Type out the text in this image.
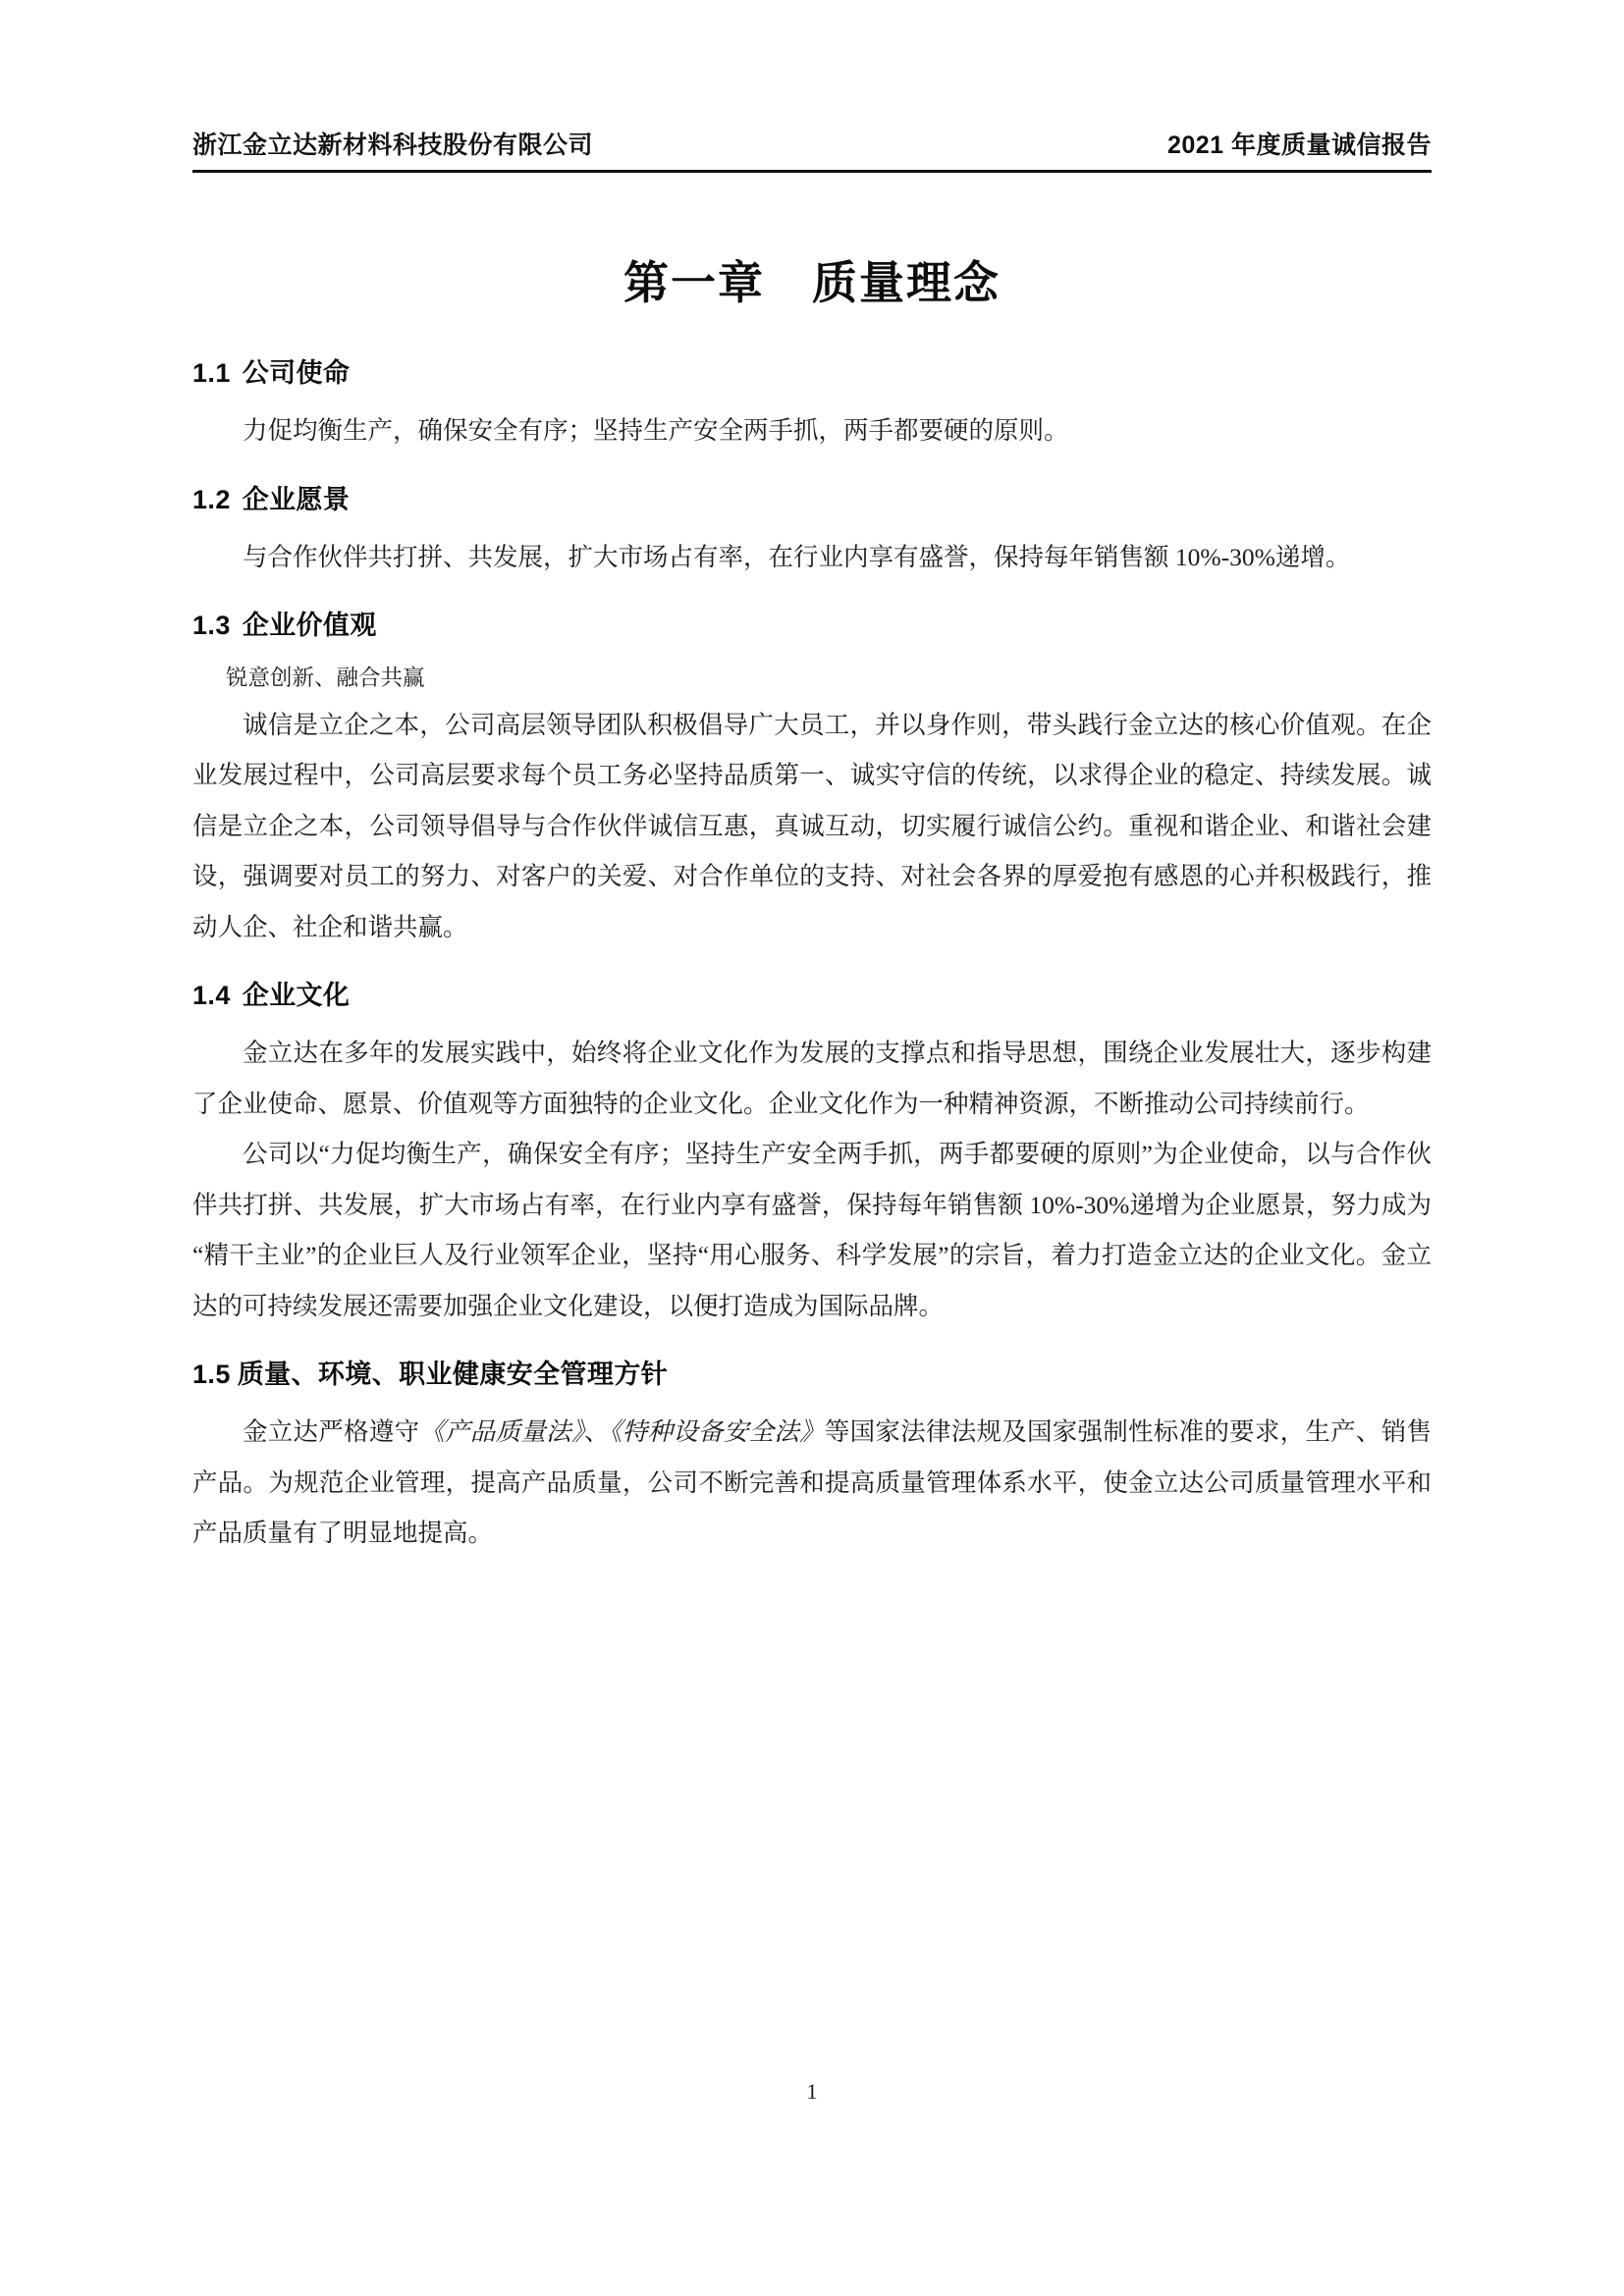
浙江金立达新材料科技股份有限公司	2021 年度质量诚信报告
第一章　质量理念
1.1 公司使命

力促均衡生产，确保安全有序；坚持生产安全两手抓，两手都要硬的原则。

1.2 企业愿景

与合作伙伴共打拼、共发展，扩大市场占有率，在行业内享有盛誉，保持每年销售额 10%-30%递增。

1.3 企业价值观

锐意创新、融合共赢

诚信是立企之本，公司高层领导团队积极倡导广大员工，并以身作则，带头践行金立达的核心价值观。在企业发展过程中，公司高层要求每个员工务必坚持品质第一、诚实守信的传统，以求得企业的稳定、持续发展。诚信是立企之本，公司领导倡导与合作伙伴诚信互惠，真诚互动，切实履行诚信公约。重视和谐企业、和谐社会建设，强调要对员工的努力、对客户的关爱、对合作单位的支持、对社会各界的厚爱抱有感恩的心并积极践行，推动人企、社企和谐共赢。

1.4 企业文化

金立达在多年的发展实践中，始终将企业文化作为发展的支撑点和指导思想，围绕企业发展壮大，逐步构建了企业使命、愿景、价值观等方面独特的企业文化。企业文化作为一种精神资源，不断推动公司持续前行。

公司以“力促均衡生产，确保安全有序；坚持生产安全两手抓，两手都要硬的原则”为企业使命，以与合作伙伴共打拼、共发展，扩大市场占有率，在行业内享有盛誉，保持每年销售额 10%-30%递增为企业愿景，努力成为“精干主业”的企业巨人及行业领军企业，坚持“用心服务、科学发展”的宗旨，着力打造金立达的企业文化。金立达的可持续发展还需要加强企业文化建设，以便打造成为国际品牌。

1.5 质量、环境、职业健康安全管理方针

金立达严格遵守《产品质量法》、《特种设备安全法》等国家法律法规及国家强制性标准的要求，生产、销售产品。为规范企业管理，提高产品质量，公司不断完善和提高质量管理体系水平，使金立达公司质量管理水平和产品质量有了明显地提高。

1
